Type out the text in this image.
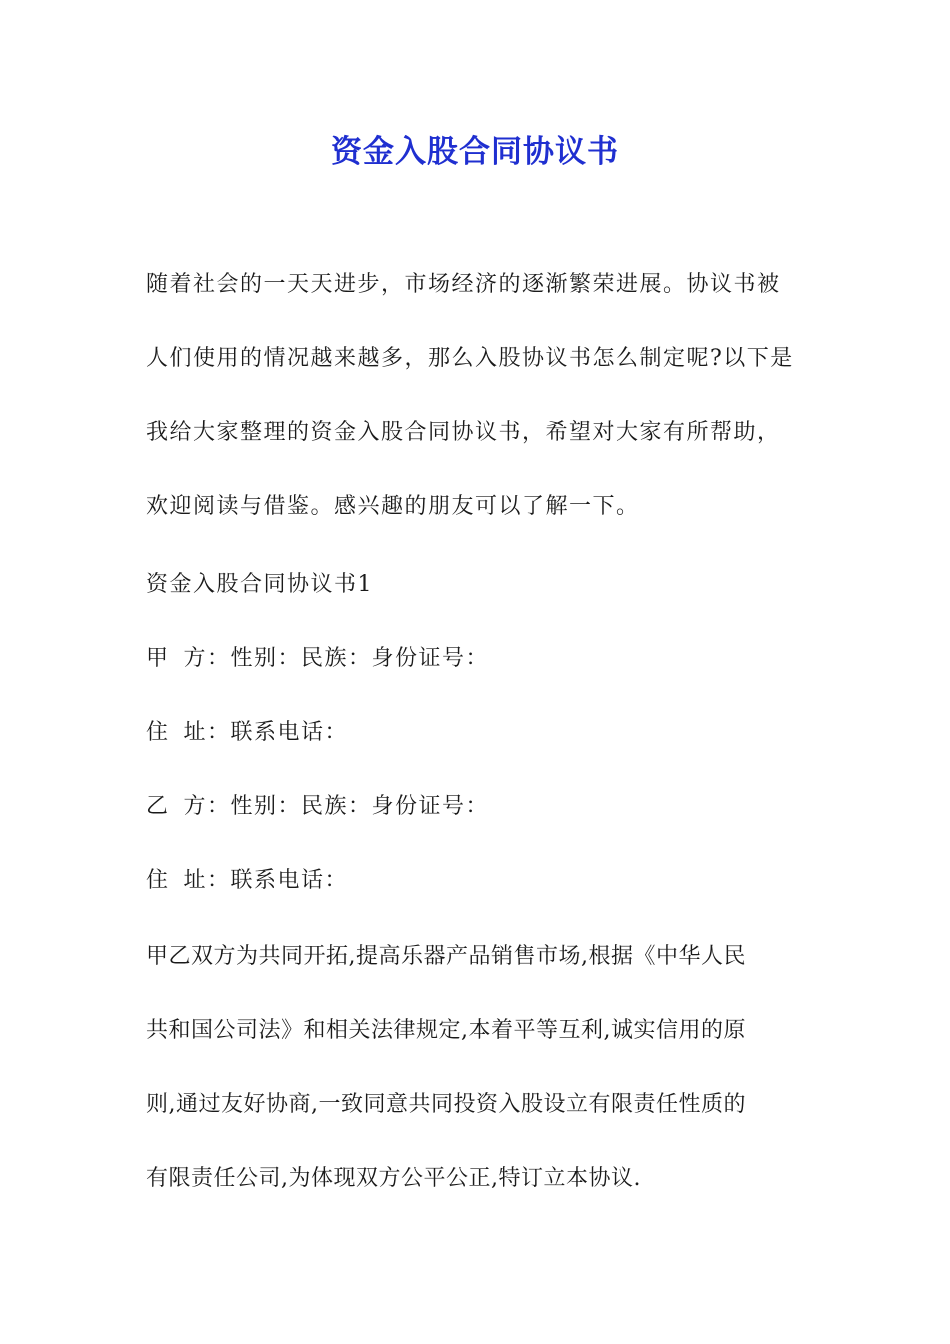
资金入股合同协议书
随着社会的一天天进步，市场经济的逐渐繁荣进展。协议书被
人们使用的情况越来越多，那么入股协议书怎么制定呢?以下是
我给大家整理的资金入股合同协议书，希望对大家有所帮助，
欢迎阅读与借鉴。感兴趣的朋友可以了解一下。
资金入股合同协议书1
甲 方：性别：民族：身份证号：
住 址：联系电话：
乙 方：性别：民族：身份证号：
住 址：联系电话：
甲乙双方为共同开拓,提高乐器产品销售市场,根据《中华人民
共和国公司法》和相关法律规定,本着平等互利,诚实信用的原
则,通过友好协商,一致同意共同投资入股设立有限责任性质的
有限责任公司,为体现双方公平公正,特订立本协议.
